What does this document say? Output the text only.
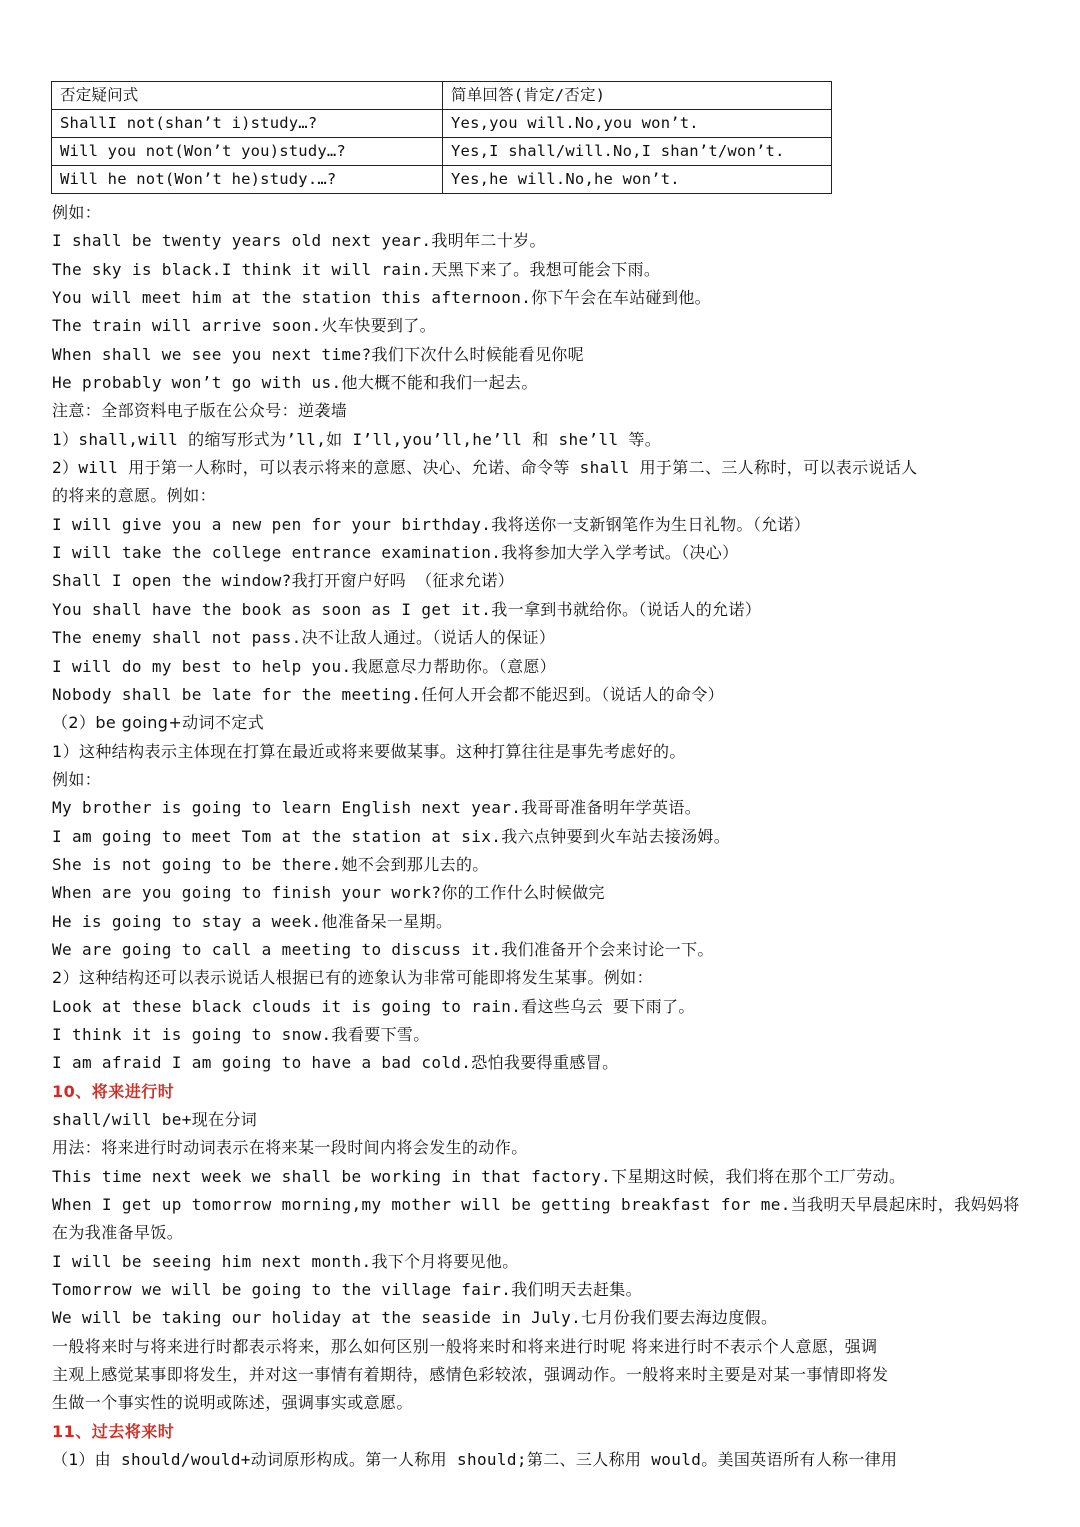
否定疑问式	简单回答(肯定/否定)
ShallI not(shan’t i)study…?	Yes,you will.No,you won’t.
Will you not(Won’t you)study…?	Yes,I shall/will.No,I shan’t/won’t.
Will he not(Won’t he)study.…?	Yes,he will.No,he won’t.
例如：
I shall be twenty years old next year.我明年二十岁。
The sky is black.I think it will rain.天黑下来了。我想可能会下雨。
You will meet him at the station this afternoon.你下午会在车站碰到他。
The train will arrive soon.火车快要到了。
When shall we see you next time?我们下次什么时候能看见你呢
He probably won’t go with us.他大概不能和我们一起去。
注意：全部资料电子版在公众号：逆袭墙
1）shall,will 的缩写形式为’ll,如 I’ll,you’ll,he’ll 和 she’ll 等。
2）will 用于第一人称时，可以表示将来的意愿、决心、允诺、命令等 shall 用于第二、三人称时，可以表示说话人
的将来的意愿。例如：
I will give you a new pen for your birthday.我将送你一支新钢笔作为生日礼物。（允诺）
I will take the college entrance examination.我将参加大学入学考试。（决心）
Shall I open the window?我打开窗户好吗 （征求允诺）
You shall have the book as soon as I get it.我一拿到书就给你。（说话人的允诺）
The enemy shall not pass.决不让敌人通过。（说话人的保证）
I will do my best to help you.我愿意尽力帮助你。（意愿）
Nobody shall be late for the meeting.任何人开会都不能迟到。（说话人的命令）
（2）be going+动词不定式
1）这种结构表示主体现在打算在最近或将来要做某事。这种打算往往是事先考虑好的。
例如：
My brother is going to learn English next year.我哥哥准备明年学英语。
I am going to meet Tom at the station at six.我六点钟要到火车站去接汤姆。
She is not going to be there.她不会到那儿去的。
When are you going to finish your work?你的工作什么时候做完
He is going to stay a week.他准备呆一星期。
We are going to call a meeting to discuss it.我们准备开个会来讨论一下。
2）这种结构还可以表示说话人根据已有的迹象认为非常可能即将发生某事。例如：
Look at these black clouds it is going to rain.看这些乌云 要下雨了。
I think it is going to snow.我看要下雪。
I am afraid I am going to have a bad cold.恐怕我要得重感冒。
10、将来进行时
shall/will be+现在分词
用法：将来进行时动词表示在将来某一段时间内将会发生的动作。
This time next week we shall be working in that factory.下星期这时候，我们将在那个工厂劳动。
When I get up tomorrow morning,my mother will be getting breakfast for me.当我明天早晨起床时，我妈妈将
在为我准备早饭。
I will be seeing him next month.我下个月将要见他。
Tomorrow we will be going to the village fair.我们明天去赶集。
We will be taking our holiday at the seaside in July.七月份我们要去海边度假。
一般将来时与将来进行时都表示将来，那么如何区别一般将来时和将来进行时呢 将来进行时不表示个人意愿，强调
主观上感觉某事即将发生，并对这一事情有着期待，感情色彩较浓，强调动作。一般将来时主要是对某一事情即将发
生做一个事实性的说明或陈述，强调事实或意愿。
11、过去将来时
（1）由 should/would+动词原形构成。第一人称用 should;第二、三人称用 would。美国英语所有人称一律用
